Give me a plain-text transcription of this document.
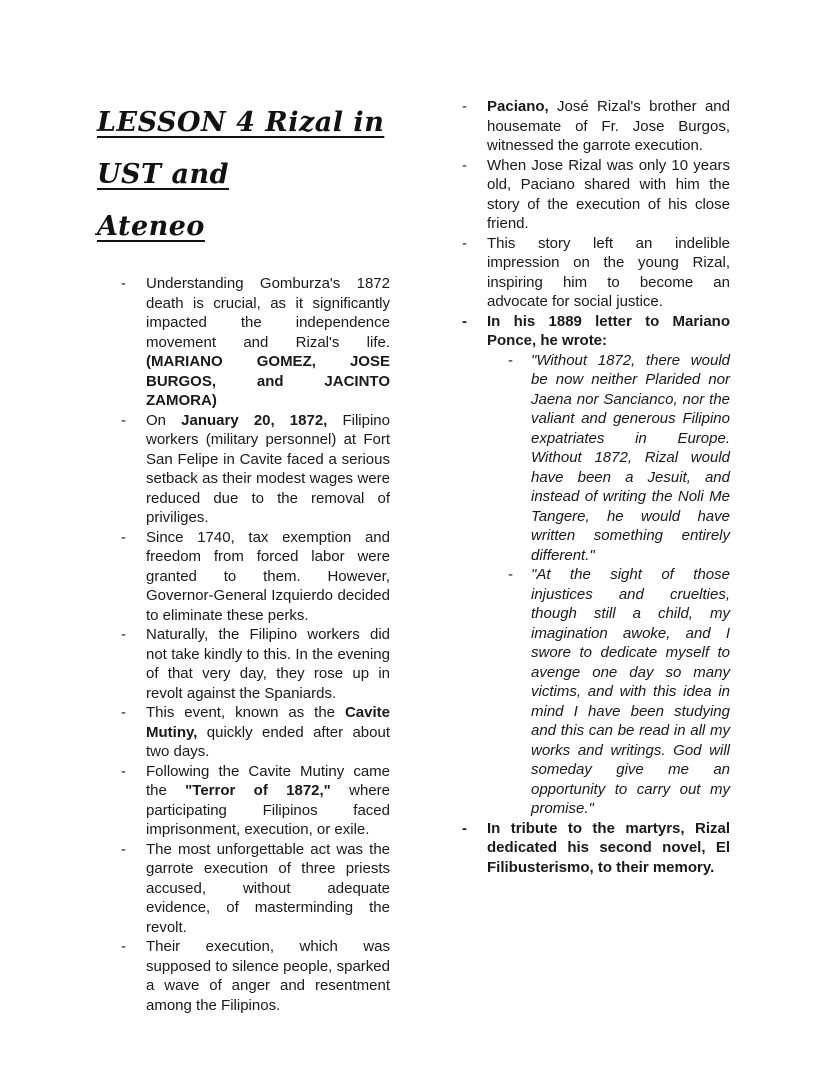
LESSON 4 Rizal in UST and
Ateneo
- Understanding Gomburza's 1872 death is crucial, as it significantly impacted the independence movement and Rizal's life. (MARIANO GOMEZ, JOSE BURGOS, and JACINTO ZAMORA)
- On January 20, 1872, Filipino workers (military personnel) at Fort San Felipe in Cavite faced a serious setback as their modest wages were reduced due to the removal of priviliges.
- Since 1740, tax exemption and freedom from forced labor were granted to them. However, Governor-General Izquierdo decided to eliminate these perks.
- Naturally, the Filipino workers did not take kindly to this. In the evening of that very day, they rose up in revolt against the Spaniards.
- This event, known as the Cavite Mutiny, quickly ended after about two days.
- Following the Cavite Mutiny came the "Terror of 1872," where participating Filipinos faced imprisonment, execution, or exile.
- The most unforgettable act was the garrote execution of three priests accused, without adequate evidence, of masterminding the revolt.
- Their execution, which was supposed to silence people, sparked a wave of anger and resentment among the Filipinos.
- Paciano, José Rizal's brother and housemate of Fr. Jose Burgos, witnessed the garrote execution.
- When Jose Rizal was only 10 years old, Paciano shared with him the story of the execution of his close friend.
- This story left an indelible impression on the young Rizal, inspiring him to become an advocate for social justice.
- In his 1889 letter to Mariano Ponce, he wrote:
- "Without 1872, there would be now neither Plarided nor Jaena nor Sancianco, nor the valiant and generous Filipino expatriates in Europe. Without 1872, Rizal would have been a Jesuit, and instead of writing the Noli Me Tangere, he would have written something entirely different."
- "At the sight of those injustices and cruelties, though still a child, my imagination awoke, and I swore to dedicate myself to avenge one day so many victims, and with this idea in mind I have been studying and this can be read in all my works and writings. God will someday give me an opportunity to carry out my promise."
- In tribute to the martyrs, Rizal dedicated his second novel, El Filibusterismo, to their memory.
